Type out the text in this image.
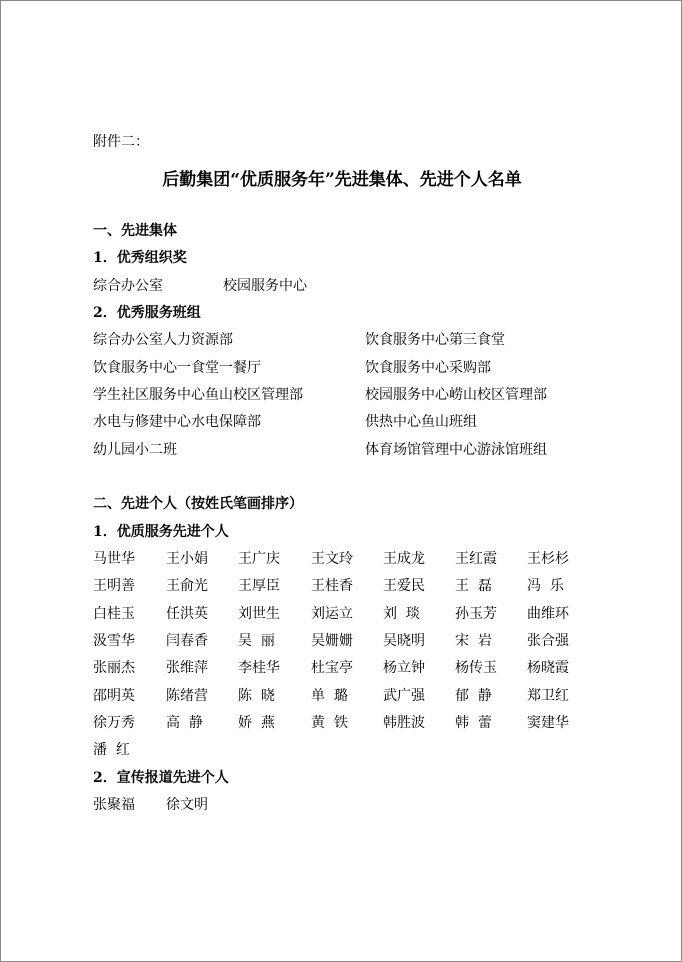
附件二：
后勤集团“优质服务年”先进集体、先进个人名单
一、先进集体
1．优秀组织奖
综合办公室	校园服务中心
2．优秀服务班组
综合办公室人力资源部	饮食服务中心第三食堂
饮食服务中心一食堂一餐厅	饮食服务中心采购部
学生社区服务中心鱼山校区管理部	校园服务中心崂山校区管理部
水电与修建中心水电保障部	供热中心鱼山班组
幼儿园小二班	体育场馆管理中心游泳馆班组
二、先进个人（按姓氏笔画排序）
1．优质服务先进个人
马世华 王小娟 王广庆 王文玲 王成龙 王红霞 王杉杉
王明善 王俞光 王厚臣 王桂香 王爱民 王  磊	冯  乐
白桂玉 任洪英 刘世生 刘运立 刘  琰	孙玉芳 曲维环
汲雪华 闫春香 吴  丽	吴姗姗 吴晓明 宋  岩	张合强
张丽杰 张维萍 李桂华 杜宝亭 杨立钟 杨传玉 杨晓霞
邵明英 陈绪营 陈  晓	单  璐	武广强 郁  静	郑卫红
徐万秀 高  静	娇  燕	黄  铁	韩胜波 韩  蕾	窦建华
潘  红
2．宣传报道先进个人
张聚福 徐文明
